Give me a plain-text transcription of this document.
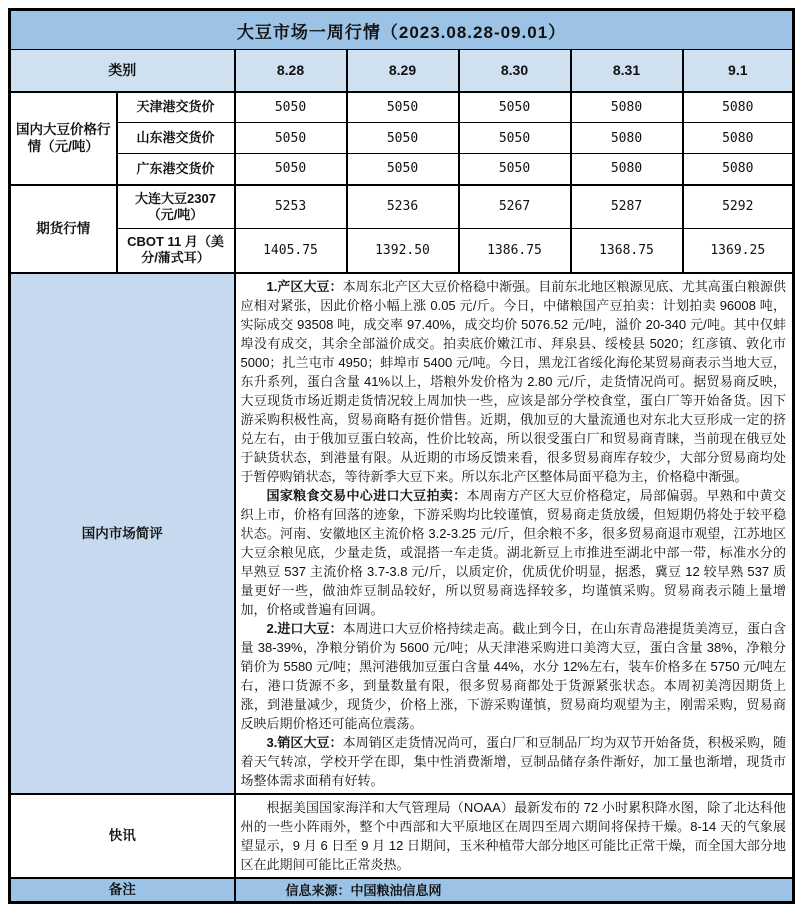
大豆市场一周行情（2023.08.28-09.01）						
类别		8.28	8.29	8.30	8.31	9.1
国内大豆价格行情（元/吨）	天津港交货价	5050	5050	5050	5080	5080
	山东港交货价	5050	5050	5050	5080	5080
	广东港交货价	5050	5050	5050	5080	5080
期货行情	大连大豆2307（元/吨）	5253	5236	5267	5287	5292
	CBOT 11 月（美分/蒲式耳）	1405.75	1392.50	1386.75	1368.75	1369.25
国内市场简评		1.产区大豆：本周东北产区大豆价格稳中渐强。目前东北地区粮源见底、尤其高蛋白粮源供应相对紧张，因此价格小幅上涨 0.05 元/斤。今日，中储粮国产豆拍卖：计划拍卖 96008 吨，实际成交 93508 吨，成交率 97.40%，成交均价 5076.52 元/吨，溢价 20-340 元/吨。其中仅蚌埠没有成交，其余全部溢价成交。拍卖底价嫩江市、拜泉县、绥棱县 5020；红彦镇、敦化市 5000；扎兰屯市 4950；蚌埠市 5400 元/吨。今日，黑龙江省绥化海伦某贸易商表示当地大豆，东升系列，蛋白含量 41%以上，塔粮外发价格为 2.80 元/斤，走货情况尚可。据贸易商反映，大豆现货市场近期走货情况较上周加快一些，应该是部分学校食堂，蛋白厂等开始备货。因下游采购积极性高，贸易商略有挺价惜售。近期，俄加豆的大量流通也对东北大豆形成一定的挤兑左右，由于俄加豆蛋白较高，性价比较高，所以很受蛋白厂和贸易商青睐，当前现在俄豆处于缺货状态，到港量有限。从近期的市场反馈来看，很多贸易商库存较少，大部分贸易商均处于暂停购销状态，等待新季大豆下来。所以东北产区整体局面平稳为主，价格稳中渐强。

国家粮食交易中心进口大豆拍卖：本周南方产区大豆价格稳定，局部偏弱。早熟和中黄交织上市，价格有回落的迹象，下游采购均比较谨慎，贸易商走货放缓，但短期仍将处于较平稳状态。河南、安徽地区主流价格 3.2-3.25 元/斤，但余粮不多，很多贸易商退市观望，江苏地区大豆余粮见底，少量走货，或混搭一车走货。湖北新豆上市推进至湖北中部一带，标准水分的早熟豆 537 主流价格 3.7-3.8 元/斤，以质定价，优质优价明显，据悉，冀豆 12 较早熟 537 质量更好一些，做油炸豆制品较好，所以贸易商选择较多，均谨慎采购。贸易商表示随上量增加，价格或普遍有回调。

2.进口大豆：本周进口大豆价格持续走高。截止到今日，在山东青岛港提货美湾豆，蛋白含量 38-39%，净粮分销价为 5600 元/吨；从天津港采购进口美湾大豆，蛋白含量 38%，净粮分销价为 5580 元/吨；黑河港俄加豆蛋白含量 44%，水分 12%左右，装车价格多在 5750 元/吨左右，港口货源不多，到量数量有限，很多贸易商都处于货源紧张状态。本周初美湾因期货上涨，到港量减少，现货少，价格上涨，下游采购谨慎，贸易商均观望为主，刚需采购，贸易商反映后期价格还可能高位震荡。

3.销区大豆：本周销区走货情况尚可，蛋白厂和豆制品厂均为双节开始备货，积极采购，随着天气转凉，学校开学在即，集中性消费渐增，豆制品储存条件渐好，加工量也渐增，现货市场整体需求面稍有好转。				

快讯		根据美国国家海洋和大气管理局（NOAA）最新发布的 72 小时累积降水图，除了北达科他州的一些小阵雨外，整个中西部和大平原地区在周四至周六期间将保持干燥。8-14 天的气象展望显示，9 月 6 日至 9 月 12 日期间，玉米种植带大部分地区可能比正常干燥，而全国大部分地区在此期间可能比正常炎热。				

备注		信息来源：中国粮油信息网				
